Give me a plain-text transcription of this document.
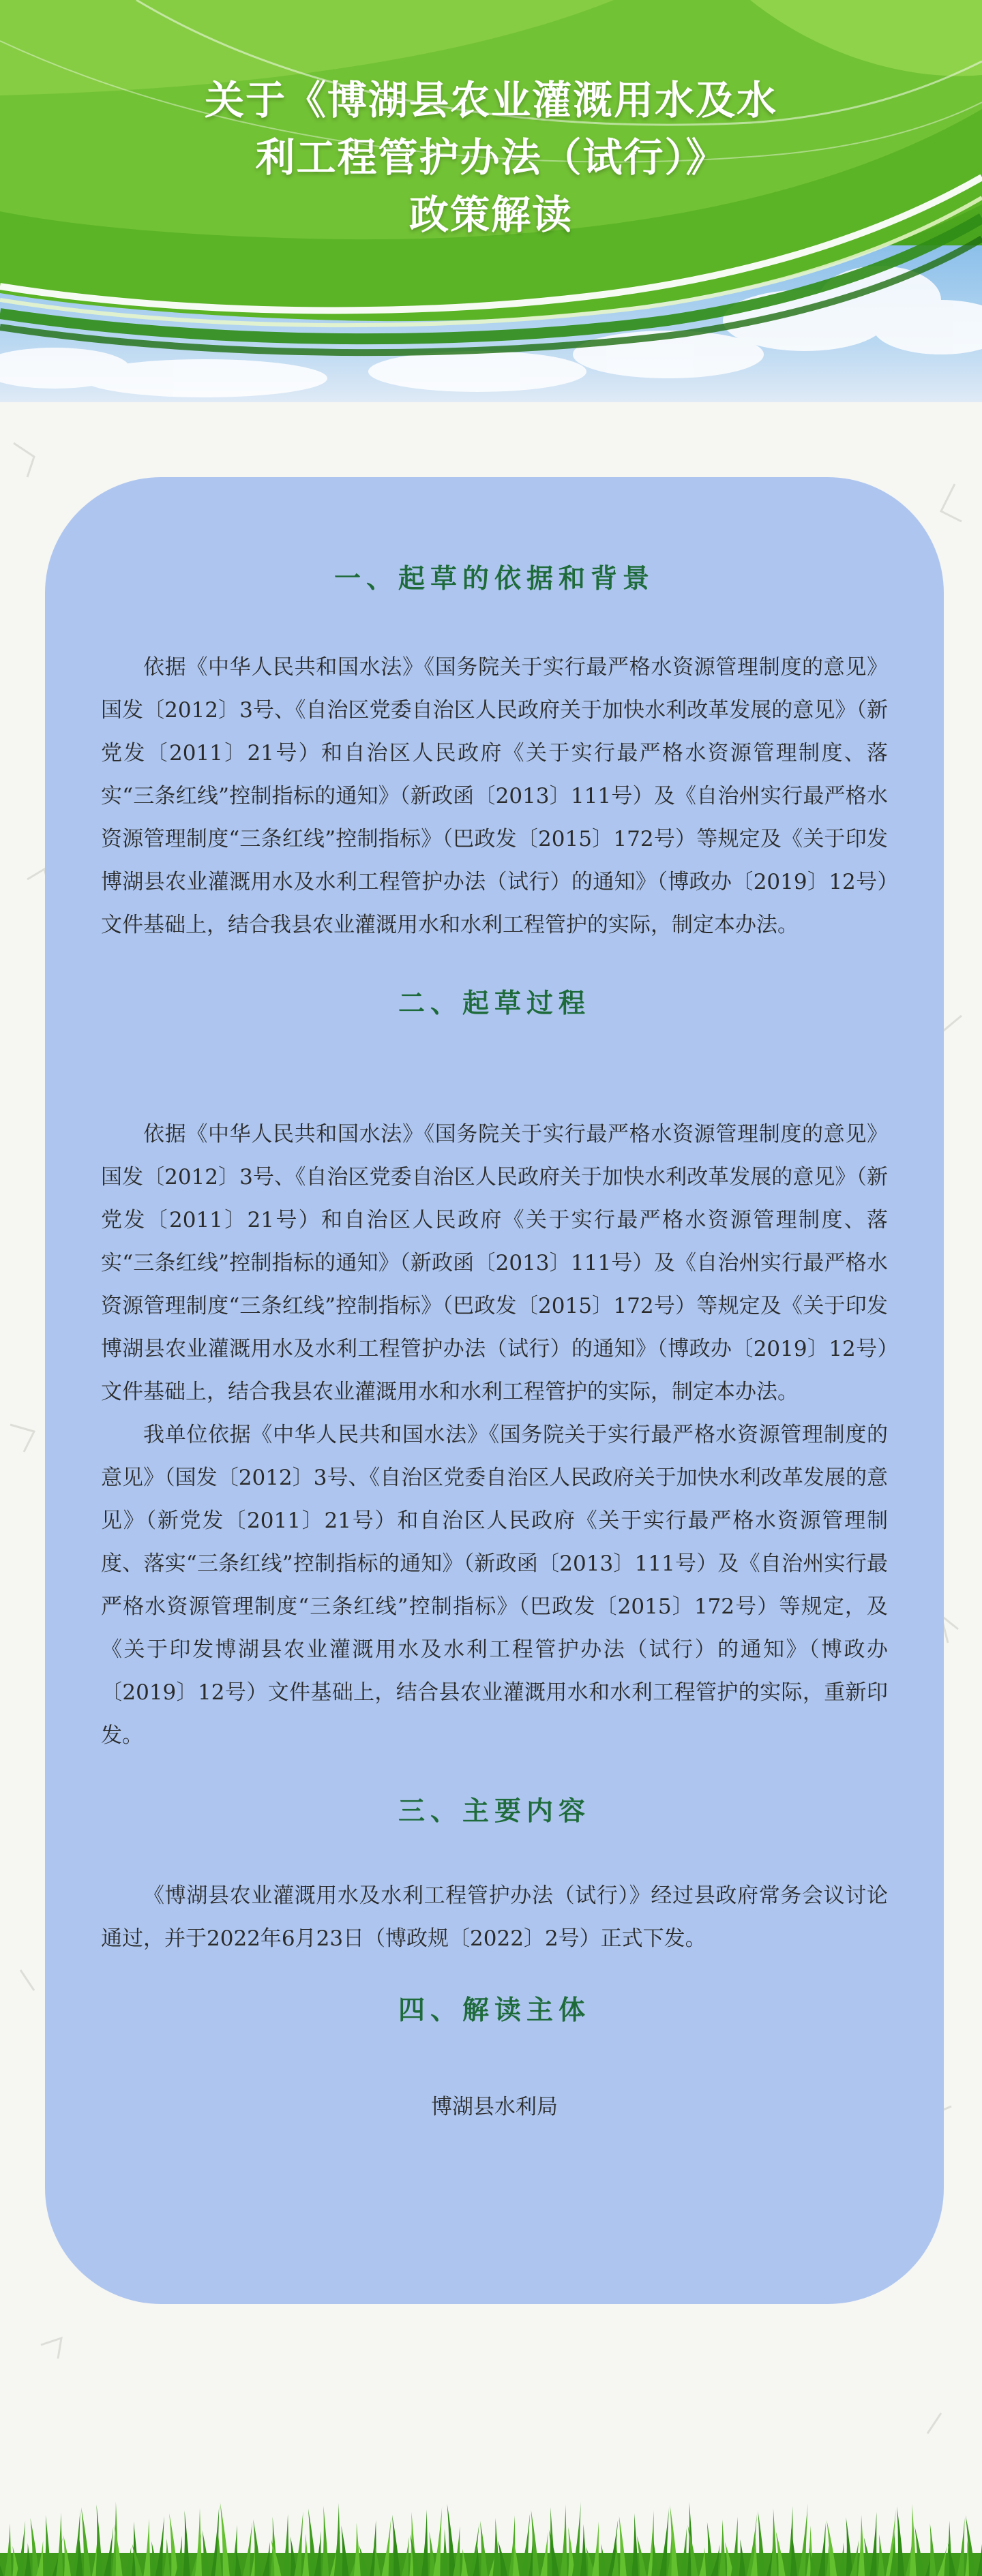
关于《博湖县农业灌溉用水及水
利工程管护办法（试行）》
政策解读
一、起草的依据和背景

依据《中华人民共和国水法》《国务院关于实行最严格水资源管理制度的意见》国发〔2012〕3号、《自治区党委自治区人民政府关于加快水利改革发展的意见》（新党发〔2011〕21号）和自治区人民政府《关于实行最严格水资源管理制度、落实“三条红线”控制指标的通知》（新政函〔2013〕111号）及《自治州实行最严格水资源管理制度“三条红线”控制指标》（巴政发〔2015〕172号）等规定及《关于印发博湖县农业灌溉用水及水利工程管护办法（试行）的通知》（博政办〔2019〕12号）文件基础上，结合我县农业灌溉用水和水利工程管护的实际，制定本办法。

二、起草过程

依据《中华人民共和国水法》《国务院关于实行最严格水资源管理制度的意见》国发〔2012〕3号、《自治区党委自治区人民政府关于加快水利改革发展的意见》（新党发〔2011〕21号）和自治区人民政府《关于实行最严格水资源管理制度、落实“三条红线”控制指标的通知》（新政函〔2013〕111号）及《自治州实行最严格水资源管理制度“三条红线”控制指标》（巴政发〔2015〕172号）等规定及《关于印发博湖县农业灌溉用水及水利工程管护办法（试行）的通知》（博政办〔2019〕12号）文件基础上，结合我县农业灌溉用水和水利工程管护的实际，制定本办法。

我单位依据《中华人民共和国水法》《国务院关于实行最严格水资源管理制度的意见》（国发〔2012〕3号、《自治区党委自治区人民政府关于加快水利改革发展的意见》（新党发〔2011〕21号）和自治区人民政府《关于实行最严格水资源管理制度、落实“三条红线”控制指标的通知》（新政函〔2013〕111号）及《自治州实行最严格水资源管理制度“三条红线”控制指标》（巴政发〔2015〕172号）等规定，及《关于印发博湖县农业灌溉用水及水利工程管护办法（试行）的通知》（博政办〔2019〕12号）文件基础上，结合县农业灌溉用水和水利工程管护的实际，重新印发。

三、主要内容

《博湖县农业灌溉用水及水利工程管护办法（试行）》经过县政府常务会议讨论通过，并于2022年6月23日（博政规〔2022〕2号）正式下发。

四、解读主体
博湖县水利局
